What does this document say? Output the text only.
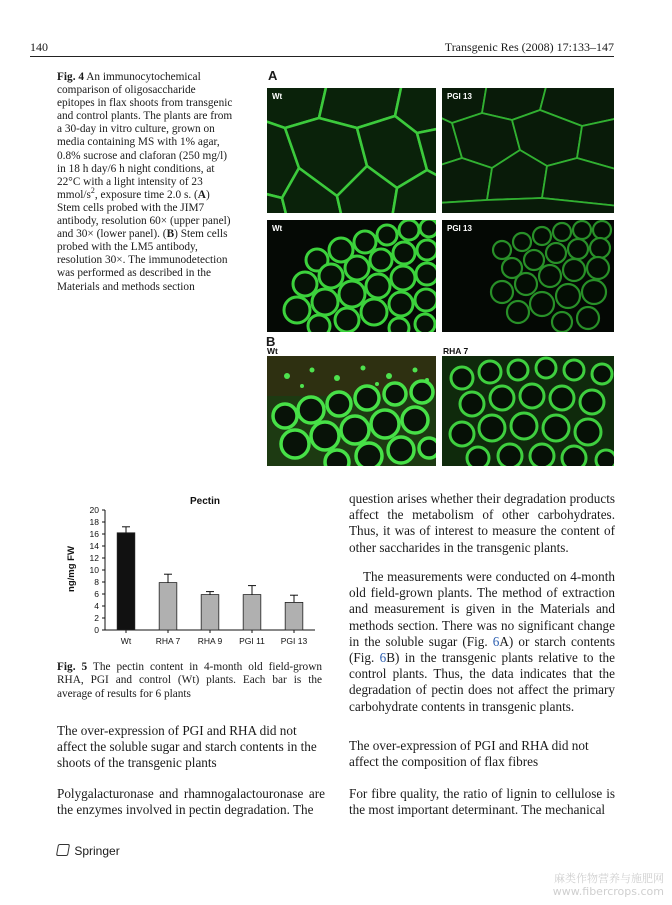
140	Transgenic Res (2008) 17:133–147
Fig. 4 An immunocytochemical comparison of oligosaccharide epitopes in flax shoots from transgenic and control plants. The plants are from a 30-day in vitro culture, grown on media containing MS with 1% agar, 0.8% sucrose and claforan (250 mg/l) in 18 h day/6 h night conditions, at 22°C with a light intensity of 23 mmol/$s^2$, exposure time 2.0 s. (A) Stem cells probed with the JIM7 antibody, resolution 60× (upper panel) and 30× (lower panel). (B) Stem cells probed with the LM5 antibody, resolution 30×. The immunodetection was performed as described in the Materials and methods section
A
Wt	PGI 13
Wt	PGI 13
B
Wt	RHA 7
Pectin
ng/mg FW
0
2
4
6
8
10
12
14
16
18
20
Wt	RHA 7 RHA 9 PGI 11 PGI 13
Fig. 5 The pectin content in 4-month old field-grown RHA, PGI and control (Wt) plants. Each bar is the average of results for 6 plants
The over-expression of PGI and RHA did not affect the soluble sugar and starch contents in the shoots of the transgenic plants
Polygalacturonase and rhamnogalactouronase are the enzymes involved in pectin degradation. The
question arises whether their degradation products affect the metabolism of other carbohydrates. Thus, it was of interest to measure the content of other saccharides in the transgenic plants.
The measurements were conducted on 4-month old field-grown plants. The method of extraction and measurement is given in the Materials and methods section. There was no significant change in the soluble sugar (Fig. 6A) or starch contents (Fig. 6B) in the transgenic plants relative to the control plants. Thus, the data indicates that the degradation of pectin does not affect the primary carbohydrate contents in transgenic plants.
The over-expression of PGI and RHA did not affect the composition of flax fibres
For fibre quality, the ratio of lignin to cellulose is the most important determinant. The mechanical
Springer
麻类作物营养与施肥网
www.fibercrops.com
